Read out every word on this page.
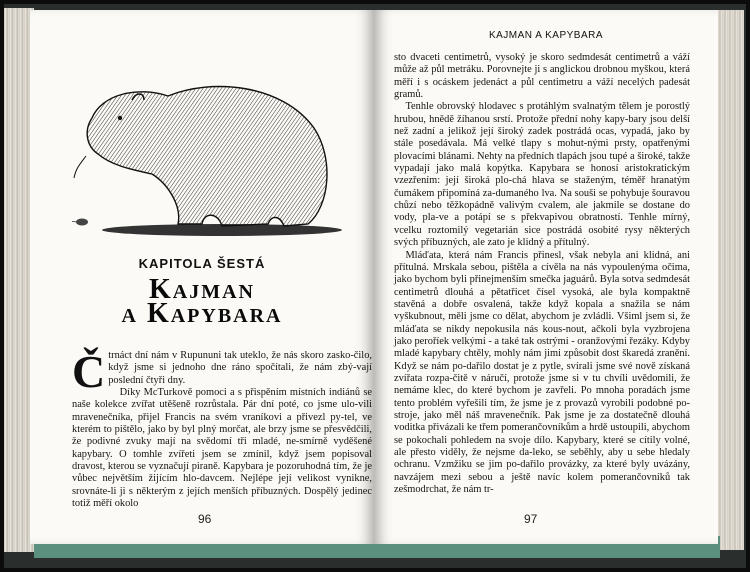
KAPITOLA ŠESTÁ
Kajman
a Kapybara

Čtrnáct dní nám v Rupununi tak uteklo, že nás skoro zasko-čilo, když jsme si jednoho dne ráno spočítali, že nám zbý-vají poslední čtyři dny.

Díky McTurkově pomoci a s přispěním místních indiánů se naše kolekce zvířat utěšeně rozrůstala. Pár dní poté, co jsme ulo-vili mravenečníka, přijel Francis na svém vraníkovi a přivezl py-tel, ve kterém to pištělo, jako by byl plný morčat, ale brzy jsme se přesvědčili, že podivné zvuky mají na svědomí tři mladé, ne-smírně vyděšené kapybary. O tomhle zvířeti jsem se zmínil, když jsem popisoval dravost, kterou se vyznačují piraně. Kapybara je pozoruhodná tím, že je vůbec největším žijícím hlo-davcem. Nejlépe její velikost vynikne, srovnáte-li ji s některým z jejích menších příbuzných. Dospělý jedinec totiž měří okolo

96
KAJMAN A KAPYBARA

sto dvaceti centimetrů, vysoký je skoro sedmdesát centimetrů a váží může až půl metráku. Porovnejte ji s anglickou drobnou myškou, která měří i s ocáskem jedenáct a půl centimetru a váží necelých padesát gramů.

Tenhle obrovský hlodavec s protáhlým svalnatým tělem je porostlý hrubou, hnědě žíhanou srstí. Protože přední nohy kapy-bary jsou delší než zadní a jelikož její široký zadek postrádá ocas, vypadá, jako by stále posedávala. Má velké tlapy s mohut-nými prsty, opatřenými plovacími blánami. Nehty na předních tlapách jsou tupé a široké, takže vypadají jako malá kopýtka. Kapybara se honosí aristokratickým vzezřením: její široká plo-chá hlava se staženým, téměř hranatým čumákem připomíná za-dumaného lva. Na souši se pohybuje šouravou chůzí nebo těžkopádně valivým cvalem, ale jakmile se dostane do vody, pla-ve a potápí se s překvapivou obratností. Tenhle mírný, vcelku roztomilý vegetarián sice postrádá osobité rysy některých svých příbuzných, ale zato je klidný a přítulný.

Mláďata, která nám Francis přinesl, však nebyla ani klidná, ani přítulná. Mrskala sebou, pištěla a cívěla na nás vypoulenýma očima, jako bychom byli přinejmenším smečka jaguárů. Byla sotva sedmdesát centimetrů dlouhá a pětatřicet čísel vysoká, ale byla kompaktně stavěná a dobře osvalená, takže když kopala a snažila se nám vyškubnout, měli jsme co dělat, abychom je zvládli. Všiml jsem si, že mláďata se nikdy nepokusila nás kous-nout, ačkoli byla vyzbrojena jako peroříek velkými - a také tak ostrými - oranžovými řezáky. Kdyby mladé kapybary chtěly, mohly nám jimi způsobit dost škaredá zranění. Když se nám po-dařilo dostat je z pytle, svírali jsme své nově získaná zvířata rozpa-čitě v náručí, protože jsme si v tu chvíli uvědomili, že nemáme klec, do které bychom je zavřeli. Po mnoha poradách jsme tento problém vyřešili tím, že jsme je z provazů vyrobili podobné po-stroje, jako měl náš mravenečník. Pak jsme je za dostatečně dlouhá voditka přivázali ke třem pomerančovníkům a hrdě ustoupili, abychom se pokochali pohledem na svoje dílo. Kapybary, které se cítily volné, ale přesto viděly, že nejsme da-leko, se seběhly, aby u sebe hledaly ochranu. Vzmžiku se jim po-dařilo provázky, za které byly uvázány, navzájem mezi sebou a ještě navíc kolem pomerančovníků tak zešmodrchat, že nám tr-

97
